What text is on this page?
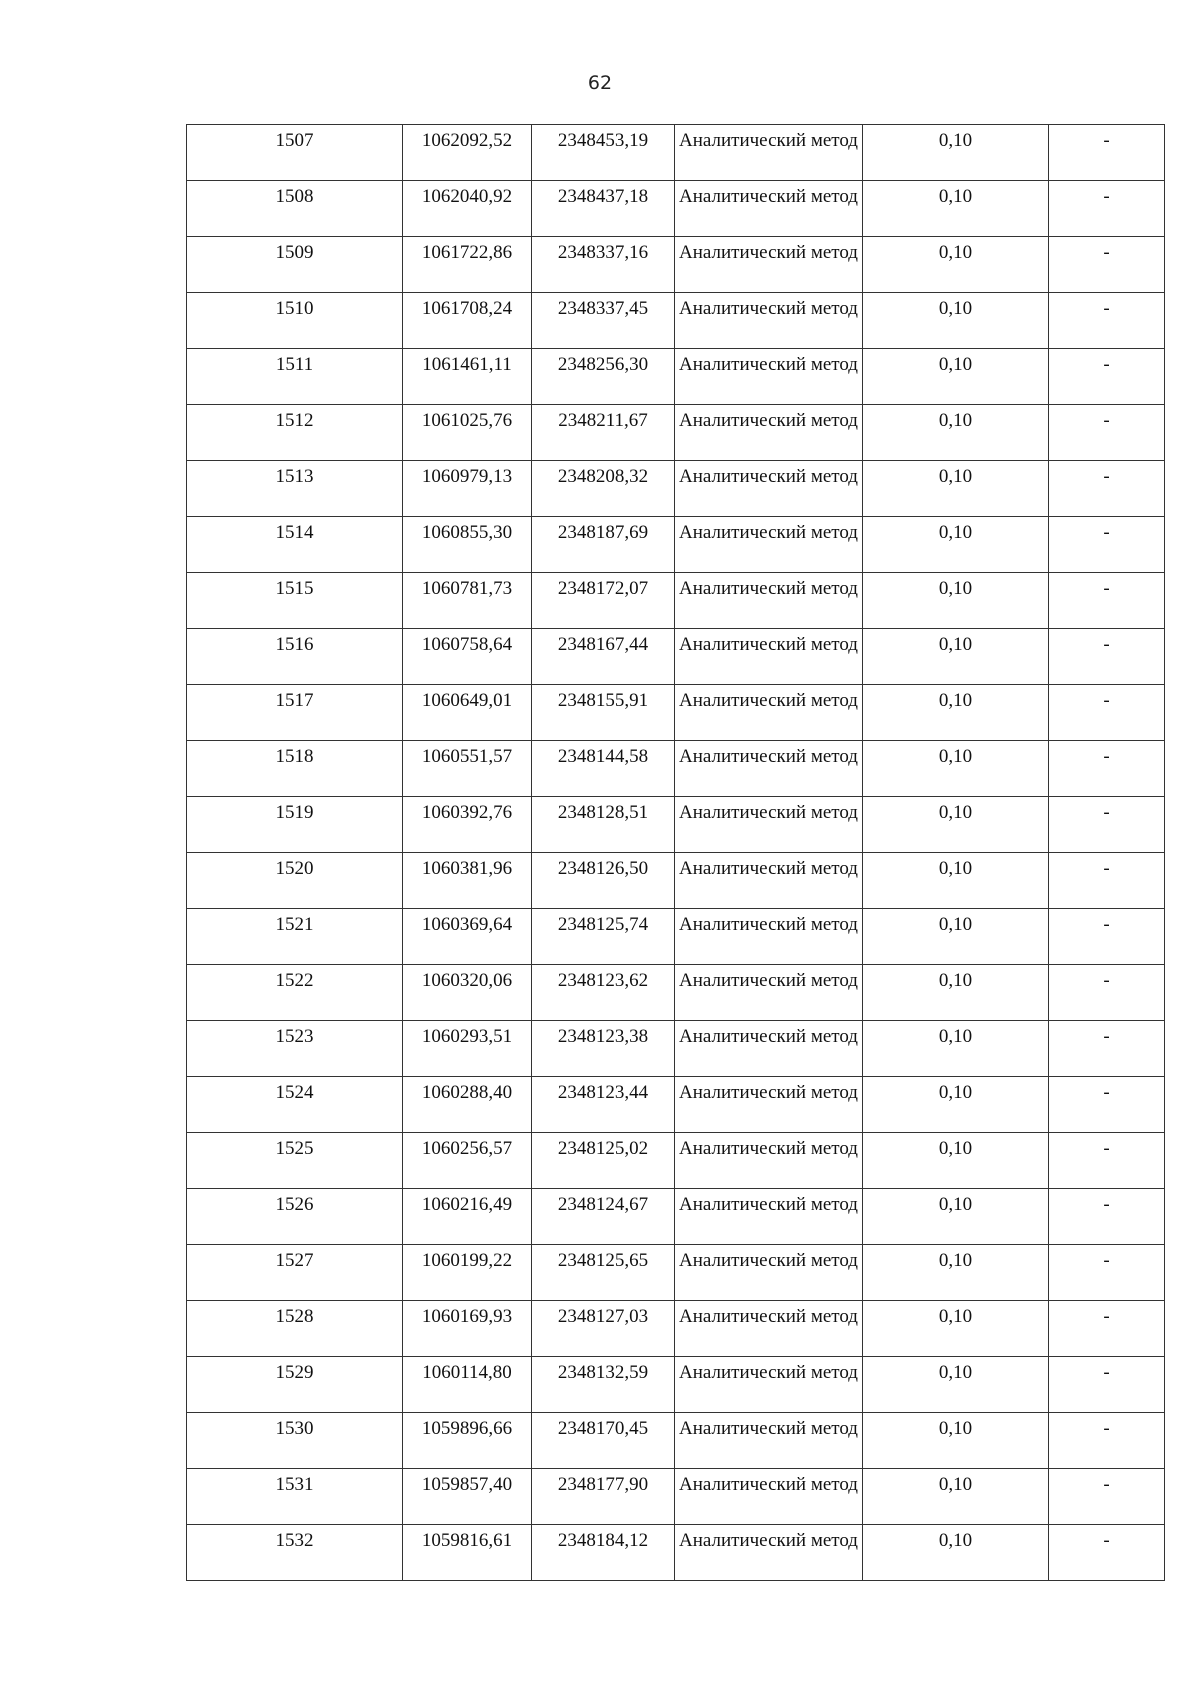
62
1507	1062092,52	2348453,19	Аналитический метод	0,10	-
1508	1062040,92	2348437,18	Аналитический метод	0,10	-
1509	1061722,86	2348337,16	Аналитический метод	0,10	-
1510	1061708,24	2348337,45	Аналитический метод	0,10	-
1511	1061461,11	2348256,30	Аналитический метод	0,10	-
1512	1061025,76	2348211,67	Аналитический метод	0,10	-
1513	1060979,13	2348208,32	Аналитический метод	0,10	-
1514	1060855,30	2348187,69	Аналитический метод	0,10	-
1515	1060781,73	2348172,07	Аналитический метод	0,10	-
1516	1060758,64	2348167,44	Аналитический метод	0,10	-
1517	1060649,01	2348155,91	Аналитический метод	0,10	-
1518	1060551,57	2348144,58	Аналитический метод	0,10	-
1519	1060392,76	2348128,51	Аналитический метод	0,10	-
1520	1060381,96	2348126,50	Аналитический метод	0,10	-
1521	1060369,64	2348125,74	Аналитический метод	0,10	-
1522	1060320,06	2348123,62	Аналитический метод	0,10	-
1523	1060293,51	2348123,38	Аналитический метод	0,10	-
1524	1060288,40	2348123,44	Аналитический метод	0,10	-
1525	1060256,57	2348125,02	Аналитический метод	0,10	-
1526	1060216,49	2348124,67	Аналитический метод	0,10	-
1527	1060199,22	2348125,65	Аналитический метод	0,10	-
1528	1060169,93	2348127,03	Аналитический метод	0,10	-
1529	1060114,80	2348132,59	Аналитический метод	0,10	-
1530	1059896,66	2348170,45	Аналитический метод	0,10	-
1531	1059857,40	2348177,90	Аналитический метод	0,10	-
1532	1059816,61	2348184,12	Аналитический метод	0,10	-
